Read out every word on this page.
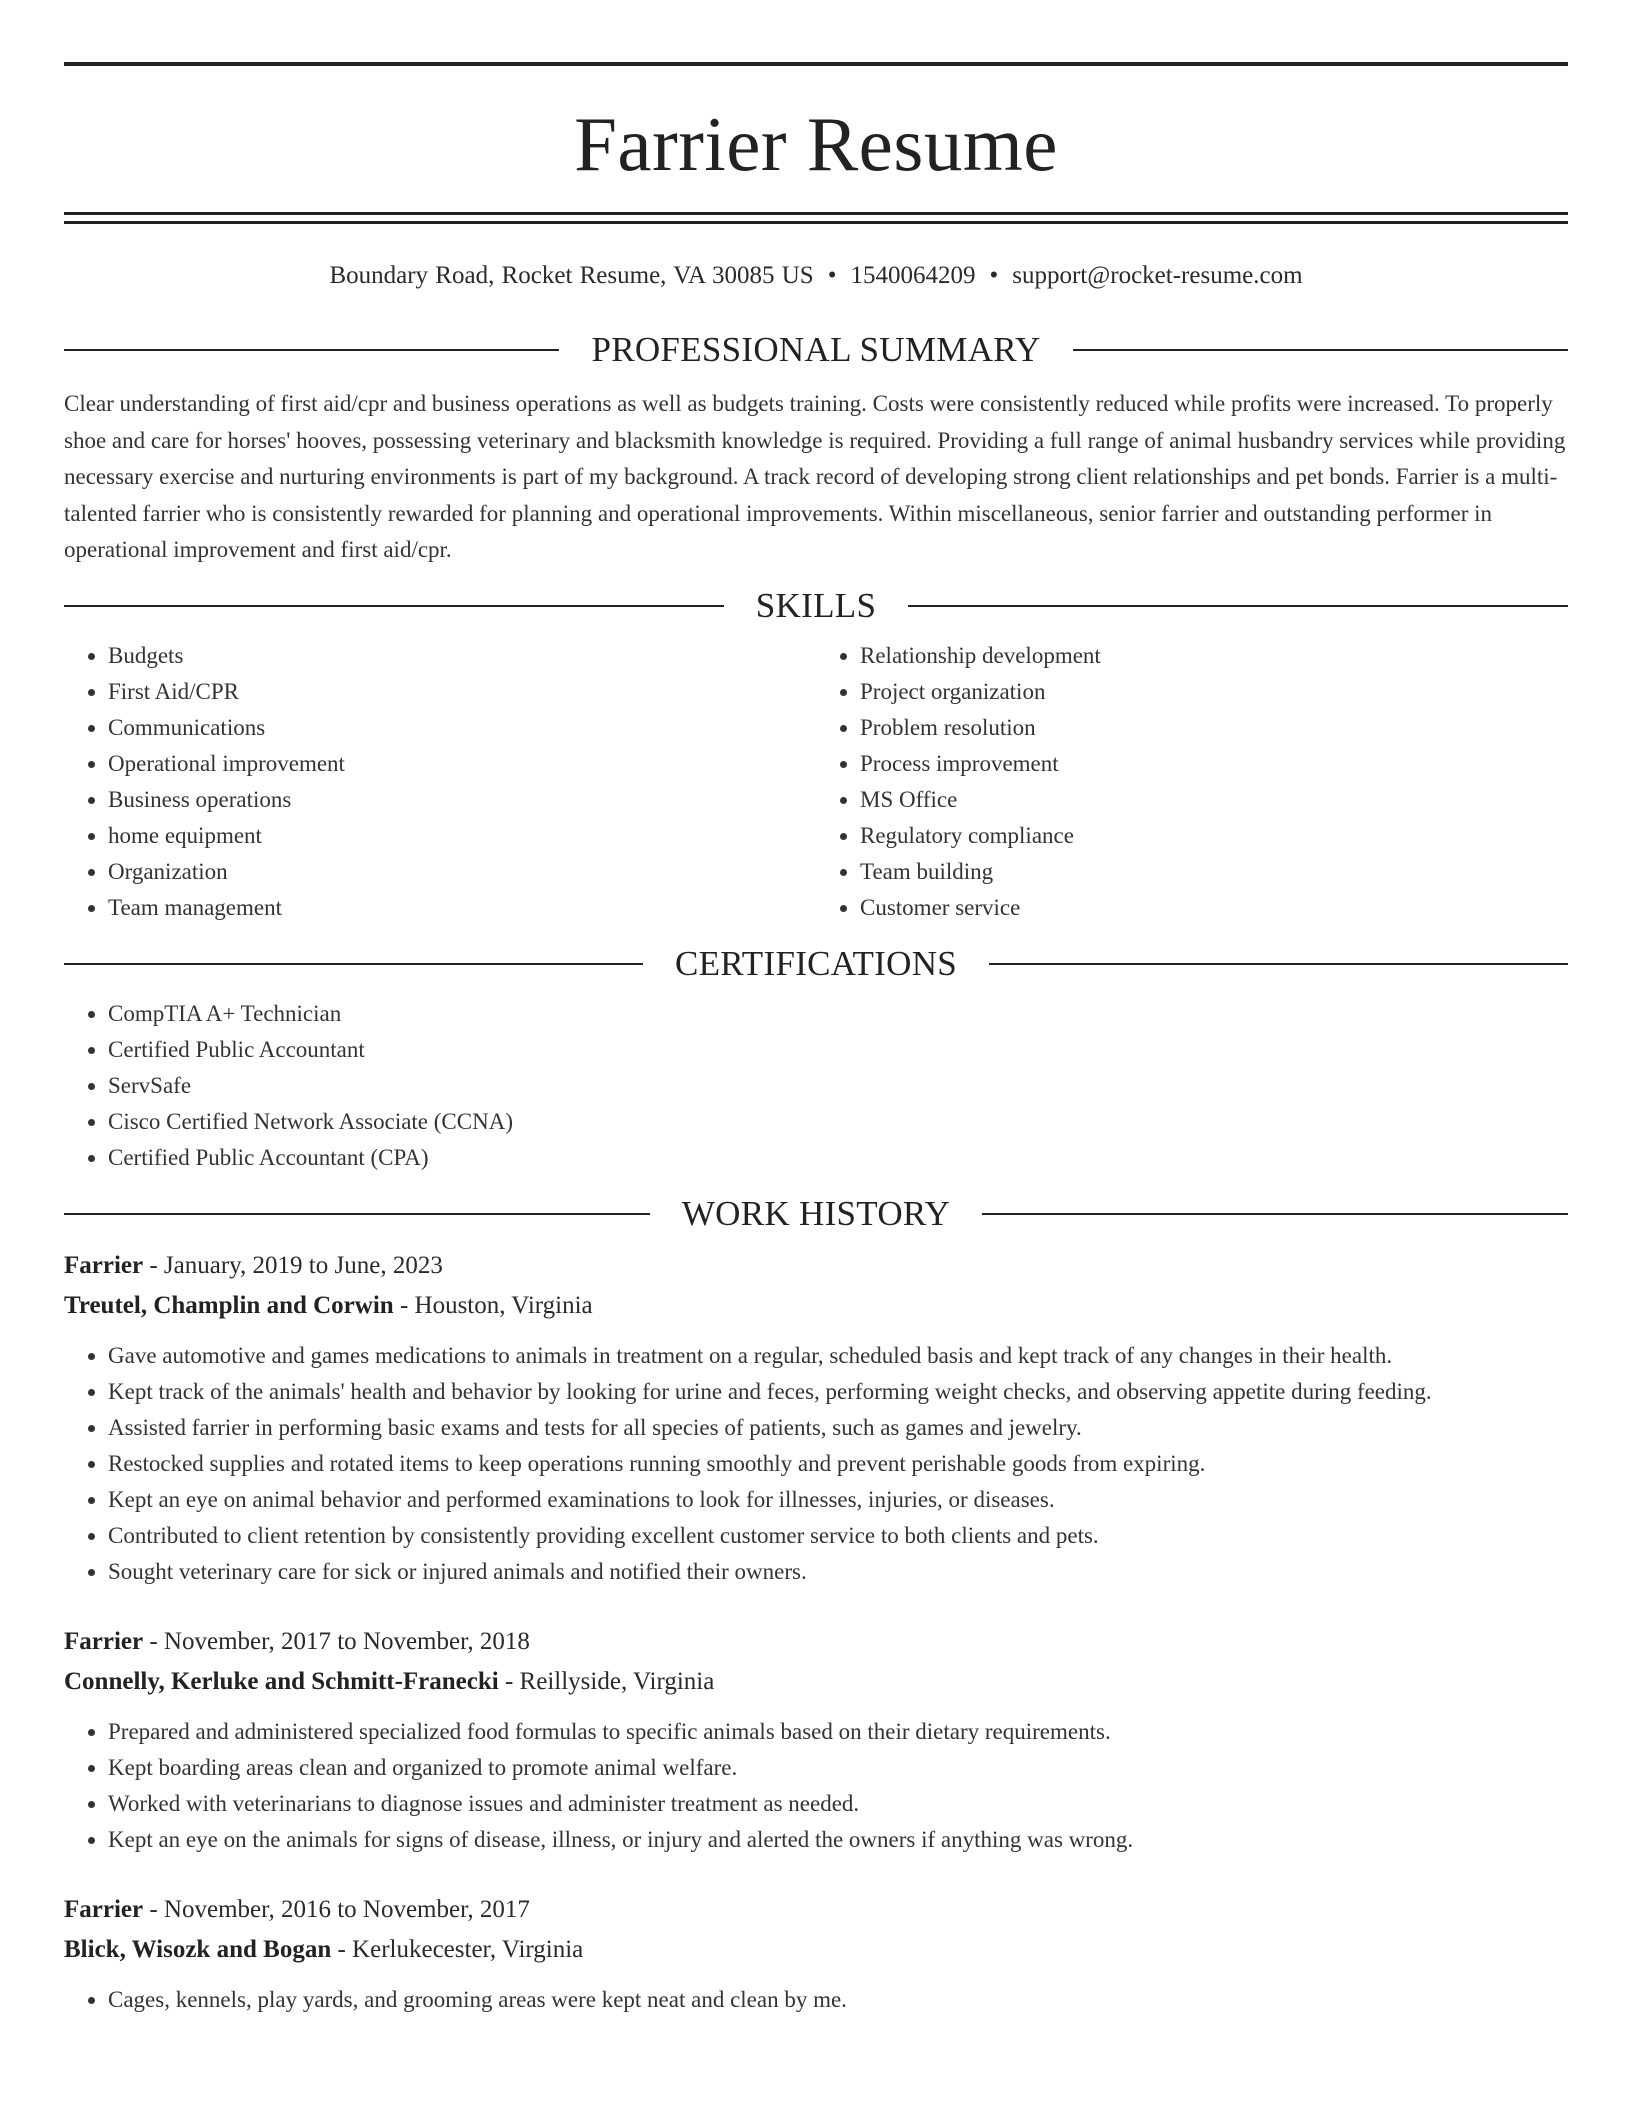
Farrier Resume
Boundary Road, Rocket Resume, VA 30085 US • 1540064209 • support@rocket-resume.com
PROFESSIONAL SUMMARY

Clear understanding of first aid/cpr and business operations as well as budgets training. Costs were consistently reduced while profits were increased. To properly shoe and care for horses' hooves, possessing veterinary and blacksmith knowledge is required. Providing a full range of animal husbandry services while providing necessary exercise and nurturing environments is part of my background. A track record of developing strong client relationships and pet bonds. Farrier is a multi-talented farrier who is consistently rewarded for planning and operational improvements. Within miscellaneous, senior farrier and outstanding performer in operational improvement and first aid/cpr.

SKILLS
• Budgets
• First Aid/CPR
• Communications
• Operational improvement
• Business operations
• home equipment
• Organization
• Team management
• Relationship development
• Project organization
• Problem resolution
• Process improvement
• MS Office
• Regulatory compliance
• Team building
• Customer service
CERTIFICATIONS
• CompTIA A+ Technician
• Certified Public Accountant
• ServSafe
• Cisco Certified Network Associate (CCNA)
• Certified Public Accountant (CPA)
WORK HISTORY
Farrier - January, 2019 to June, 2023
Treutel, Champlin and Corwin - Houston, Virginia
• Gave automotive and games medications to animals in treatment on a regular, scheduled basis and kept track of any changes in their health.
• Kept track of the animals' health and behavior by looking for urine and feces, performing weight checks, and observing appetite during feeding.
• Assisted farrier in performing basic exams and tests for all species of patients, such as games and jewelry.
• Restocked supplies and rotated items to keep operations running smoothly and prevent perishable goods from expiring.
• Kept an eye on animal behavior and performed examinations to look for illnesses, injuries, or diseases.
• Contributed to client retention by consistently providing excellent customer service to both clients and pets.
• Sought veterinary care for sick or injured animals and notified their owners.
Farrier - November, 2017 to November, 2018
Connelly, Kerluke and Schmitt-Franecki - Reillyside, Virginia
• Prepared and administered specialized food formulas to specific animals based on their dietary requirements.
• Kept boarding areas clean and organized to promote animal welfare.
• Worked with veterinarians to diagnose issues and administer treatment as needed.
• Kept an eye on the animals for signs of disease, illness, or injury and alerted the owners if anything was wrong.
Farrier - November, 2016 to November, 2017
Blick, Wisozk and Bogan - Kerlukecester, Virginia
• Cages, kennels, play yards, and grooming areas were kept neat and clean by me.
